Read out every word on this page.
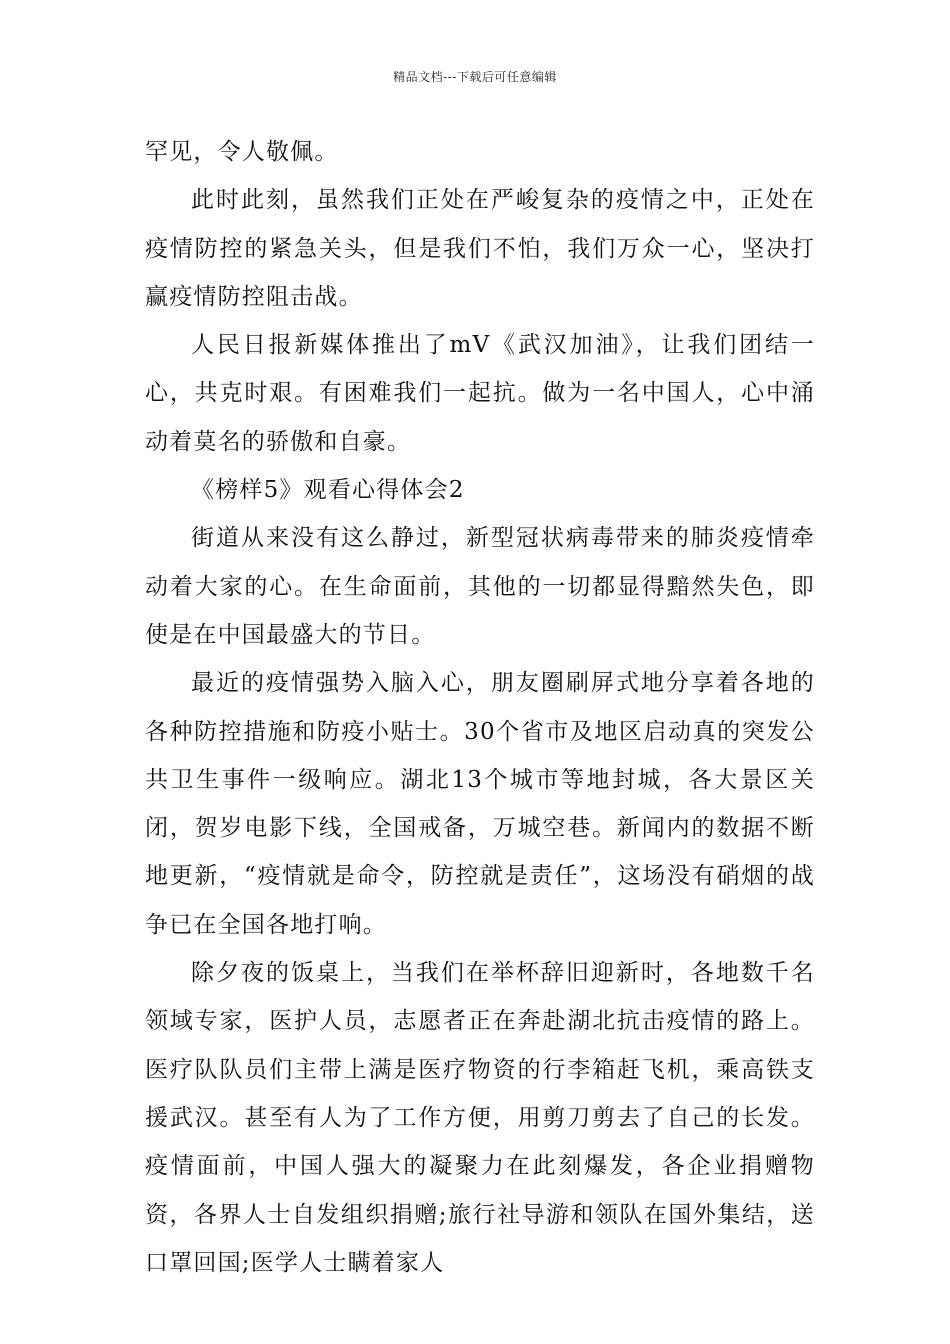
精品文档---下载后可任意编辑

罕见，令人敬佩。

此时此刻，虽然我们正处在严峻复杂的疫情之中，正处在疫情防控的紧急关头，但是我们不怕，我们万众一心，坚决打赢疫情防控阻击战。

人民日报新媒体推出了mV《武汉加油》，让我们团结一心，共克时艰。有困难我们一起抗。做为一名中国人，心中涌动着莫名的骄傲和自豪。

《榜样5》观看心得体会2

街道从来没有这么静过，新型冠状病毒带来的肺炎疫情牵动着大家的心。在生命面前，其他的一切都显得黯然失色，即使是在中国最盛大的节日。

最近的疫情强势入脑入心，朋友圈刷屏式地分享着各地的各种防控措施和防疫小贴士。30个省市及地区启动真的突发公共卫生事件一级响应。湖北13个城市等地封城，各大景区关闭，贺岁电影下线，全国戒备，万城空巷。新闻内的数据不断地更新，“疫情就是命令，防控就是责任”，这场没有硝烟的战争已在全国各地打响。

除夕夜的饭桌上，当我们在举杯辞旧迎新时，各地数千名领域专家，医护人员，志愿者正在奔赴湖北抗击疫情的路上。医疗队队员们主带上满是医疗物资的行李箱赶飞机，乘高铁支援武汉。甚至有人为了工作方便，用剪刀剪去了自己的长发。疫情面前，中国人强大的凝聚力在此刻爆发，各企业捐赠物资，各界人士自发组织捐赠;旅行社导游和领队在国外集结，送口罩回国;医学人士瞒着家人
